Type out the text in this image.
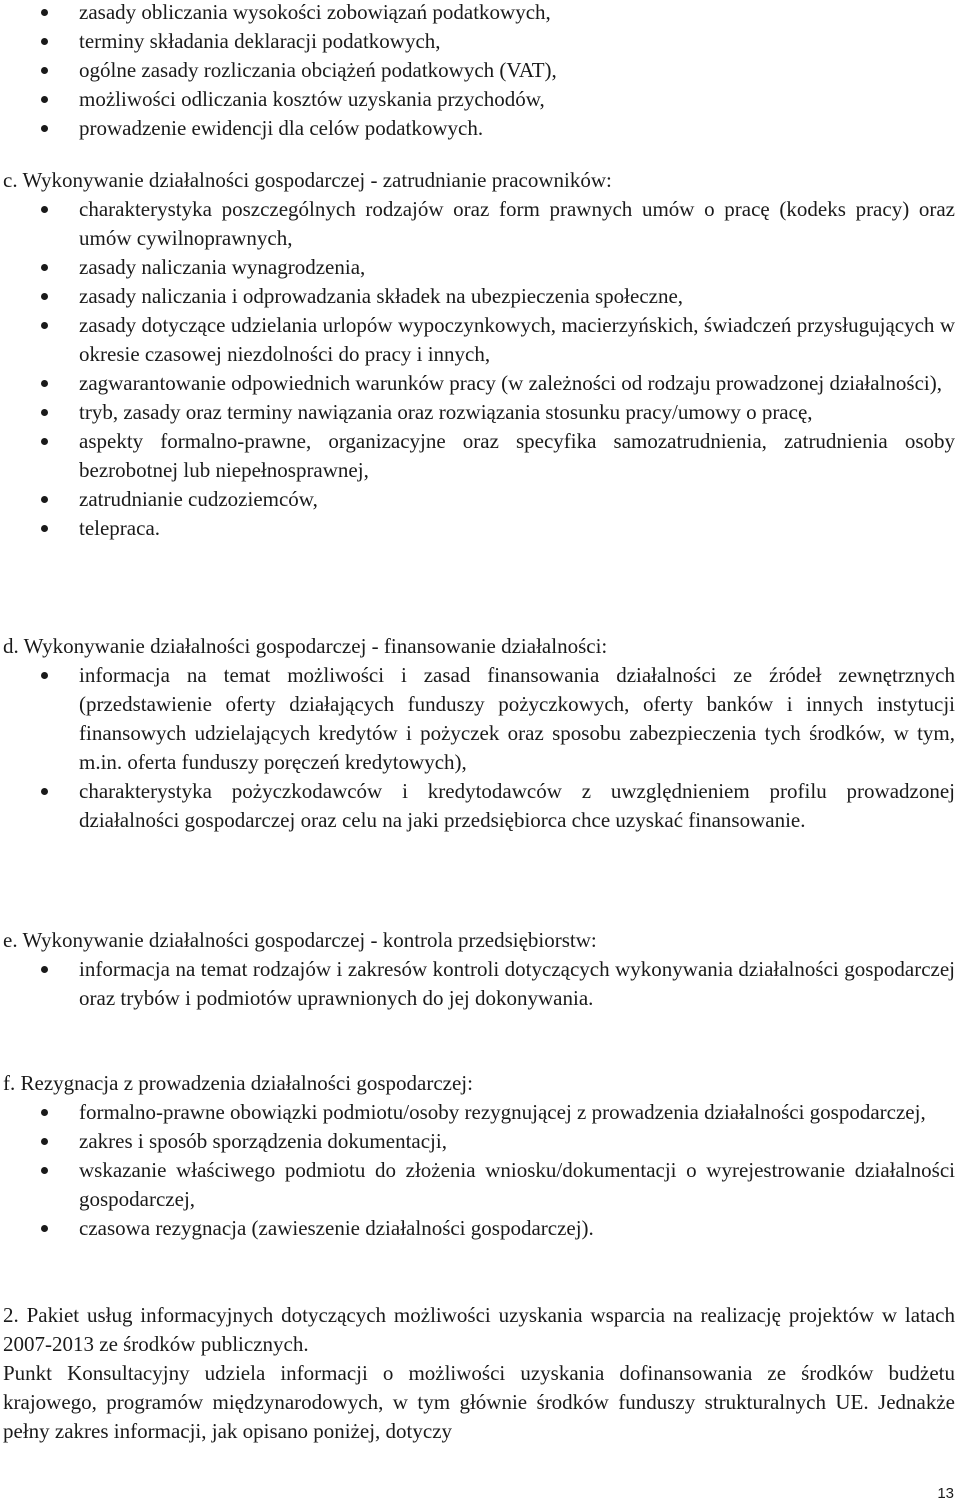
zasady obliczania wysokości zobowiązań podatkowych,
terminy składania deklaracji podatkowych,
ogólne zasady rozliczania obciążeń podatkowych (VAT),
możliwości odliczania kosztów uzyskania przychodów,
prowadzenie ewidencji dla celów podatkowych.

c. Wykonywanie działalności gospodarczej - zatrudnianie pracowników:

charakterystyka poszczególnych rodzajów oraz form prawnych umów o pracę (kodeks pracy) oraz umów cywilnoprawnych,
zasady naliczania wynagrodzenia,
zasady naliczania i odprowadzania składek na ubezpieczenia społeczne,
zasady dotyczące udzielania urlopów wypoczynkowych, macierzyńskich, świadczeń przysługujących w okresie czasowej niezdolności do pracy i innych,
zagwarantowanie odpowiednich warunków pracy (w zależności od rodzaju prowadzonej działalności),
tryb, zasady oraz terminy nawiązania oraz rozwiązania stosunku pracy/umowy o pracę,
aspekty formalno-prawne, organizacyjne oraz specyfika samozatrudnienia, zatrudnienia osoby bezrobotnej lub niepełnosprawnej,
zatrudnianie cudzoziemców,
telepraca.

d. Wykonywanie działalności gospodarczej - finansowanie działalności:

informacja na temat możliwości i zasad finansowania działalności ze źródeł zewnętrznych (przedstawienie oferty działających funduszy pożyczkowych, oferty banków i innych instytucji finansowych udzielających kredytów i pożyczek oraz sposobu zabezpieczenia tych środków, w tym, m.in. oferta funduszy poręczeń kredytowych),
charakterystyka pożyczkodawców i kredytodawców z uwzględnieniem profilu prowadzonej działalności gospodarczej oraz celu na jaki przedsiębiorca chce uzyskać finansowanie.

e. Wykonywanie działalności gospodarczej - kontrola przedsiębiorstw:

informacja na temat rodzajów i zakresów kontroli dotyczących wykonywania działalności gospodarczej oraz trybów i podmiotów uprawnionych do jej dokonywania.

f. Rezygnacja z prowadzenia działalności gospodarczej:

formalno-prawne obowiązki podmiotu/osoby rezygnującej z prowadzenia działalności gospodarczej,
zakres i sposób sporządzenia dokumentacji,
wskazanie właściwego podmiotu do złożenia wniosku/dokumentacji o wyrejestrowanie działalności gospodarczej,
czasowa rezygnacja (zawieszenie działalności gospodarczej).

2. Pakiet usług informacyjnych dotyczących możliwości uzyskania wsparcia na realizację projektów w latach 2007-2013 ze środków publicznych.

Punkt Konsultacyjny udziela informacji o możliwości uzyskania dofinansowania ze środków budżetu krajowego, programów międzynarodowych, w tym głównie środków funduszy strukturalnych UE. Jednakże pełny zakres informacji, jak opisano poniżej, dotyczy

13
